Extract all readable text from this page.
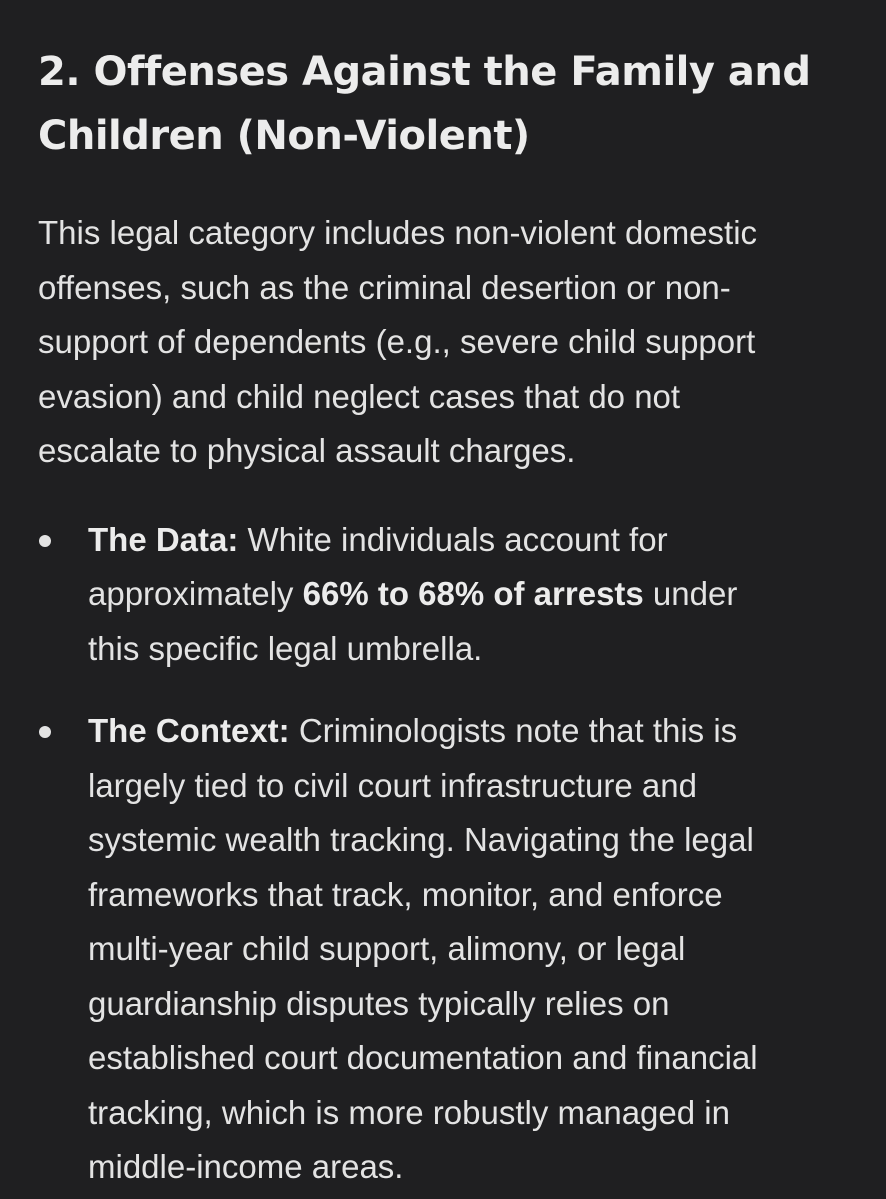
2. Offenses Against the Family and
Children (Non-Violent)

This legal category includes non-violent domestic
offenses, such as the criminal desertion or non-
support of dependents (e.g., severe child support
evasion) and child neglect cases that do not
escalate to physical assault charges.

The Data: White individuals account for
approximately 66% to 68% of arrests under
this specific legal umbrella.
The Context: Criminologists note that this is
largely tied to civil court infrastructure and
systemic wealth tracking. Navigating the legal
frameworks that track, monitor, and enforce
multi-year child support, alimony, or legal
guardianship disputes typically relies on
established court documentation and financial
tracking, which is more robustly managed in
middle-income areas.
